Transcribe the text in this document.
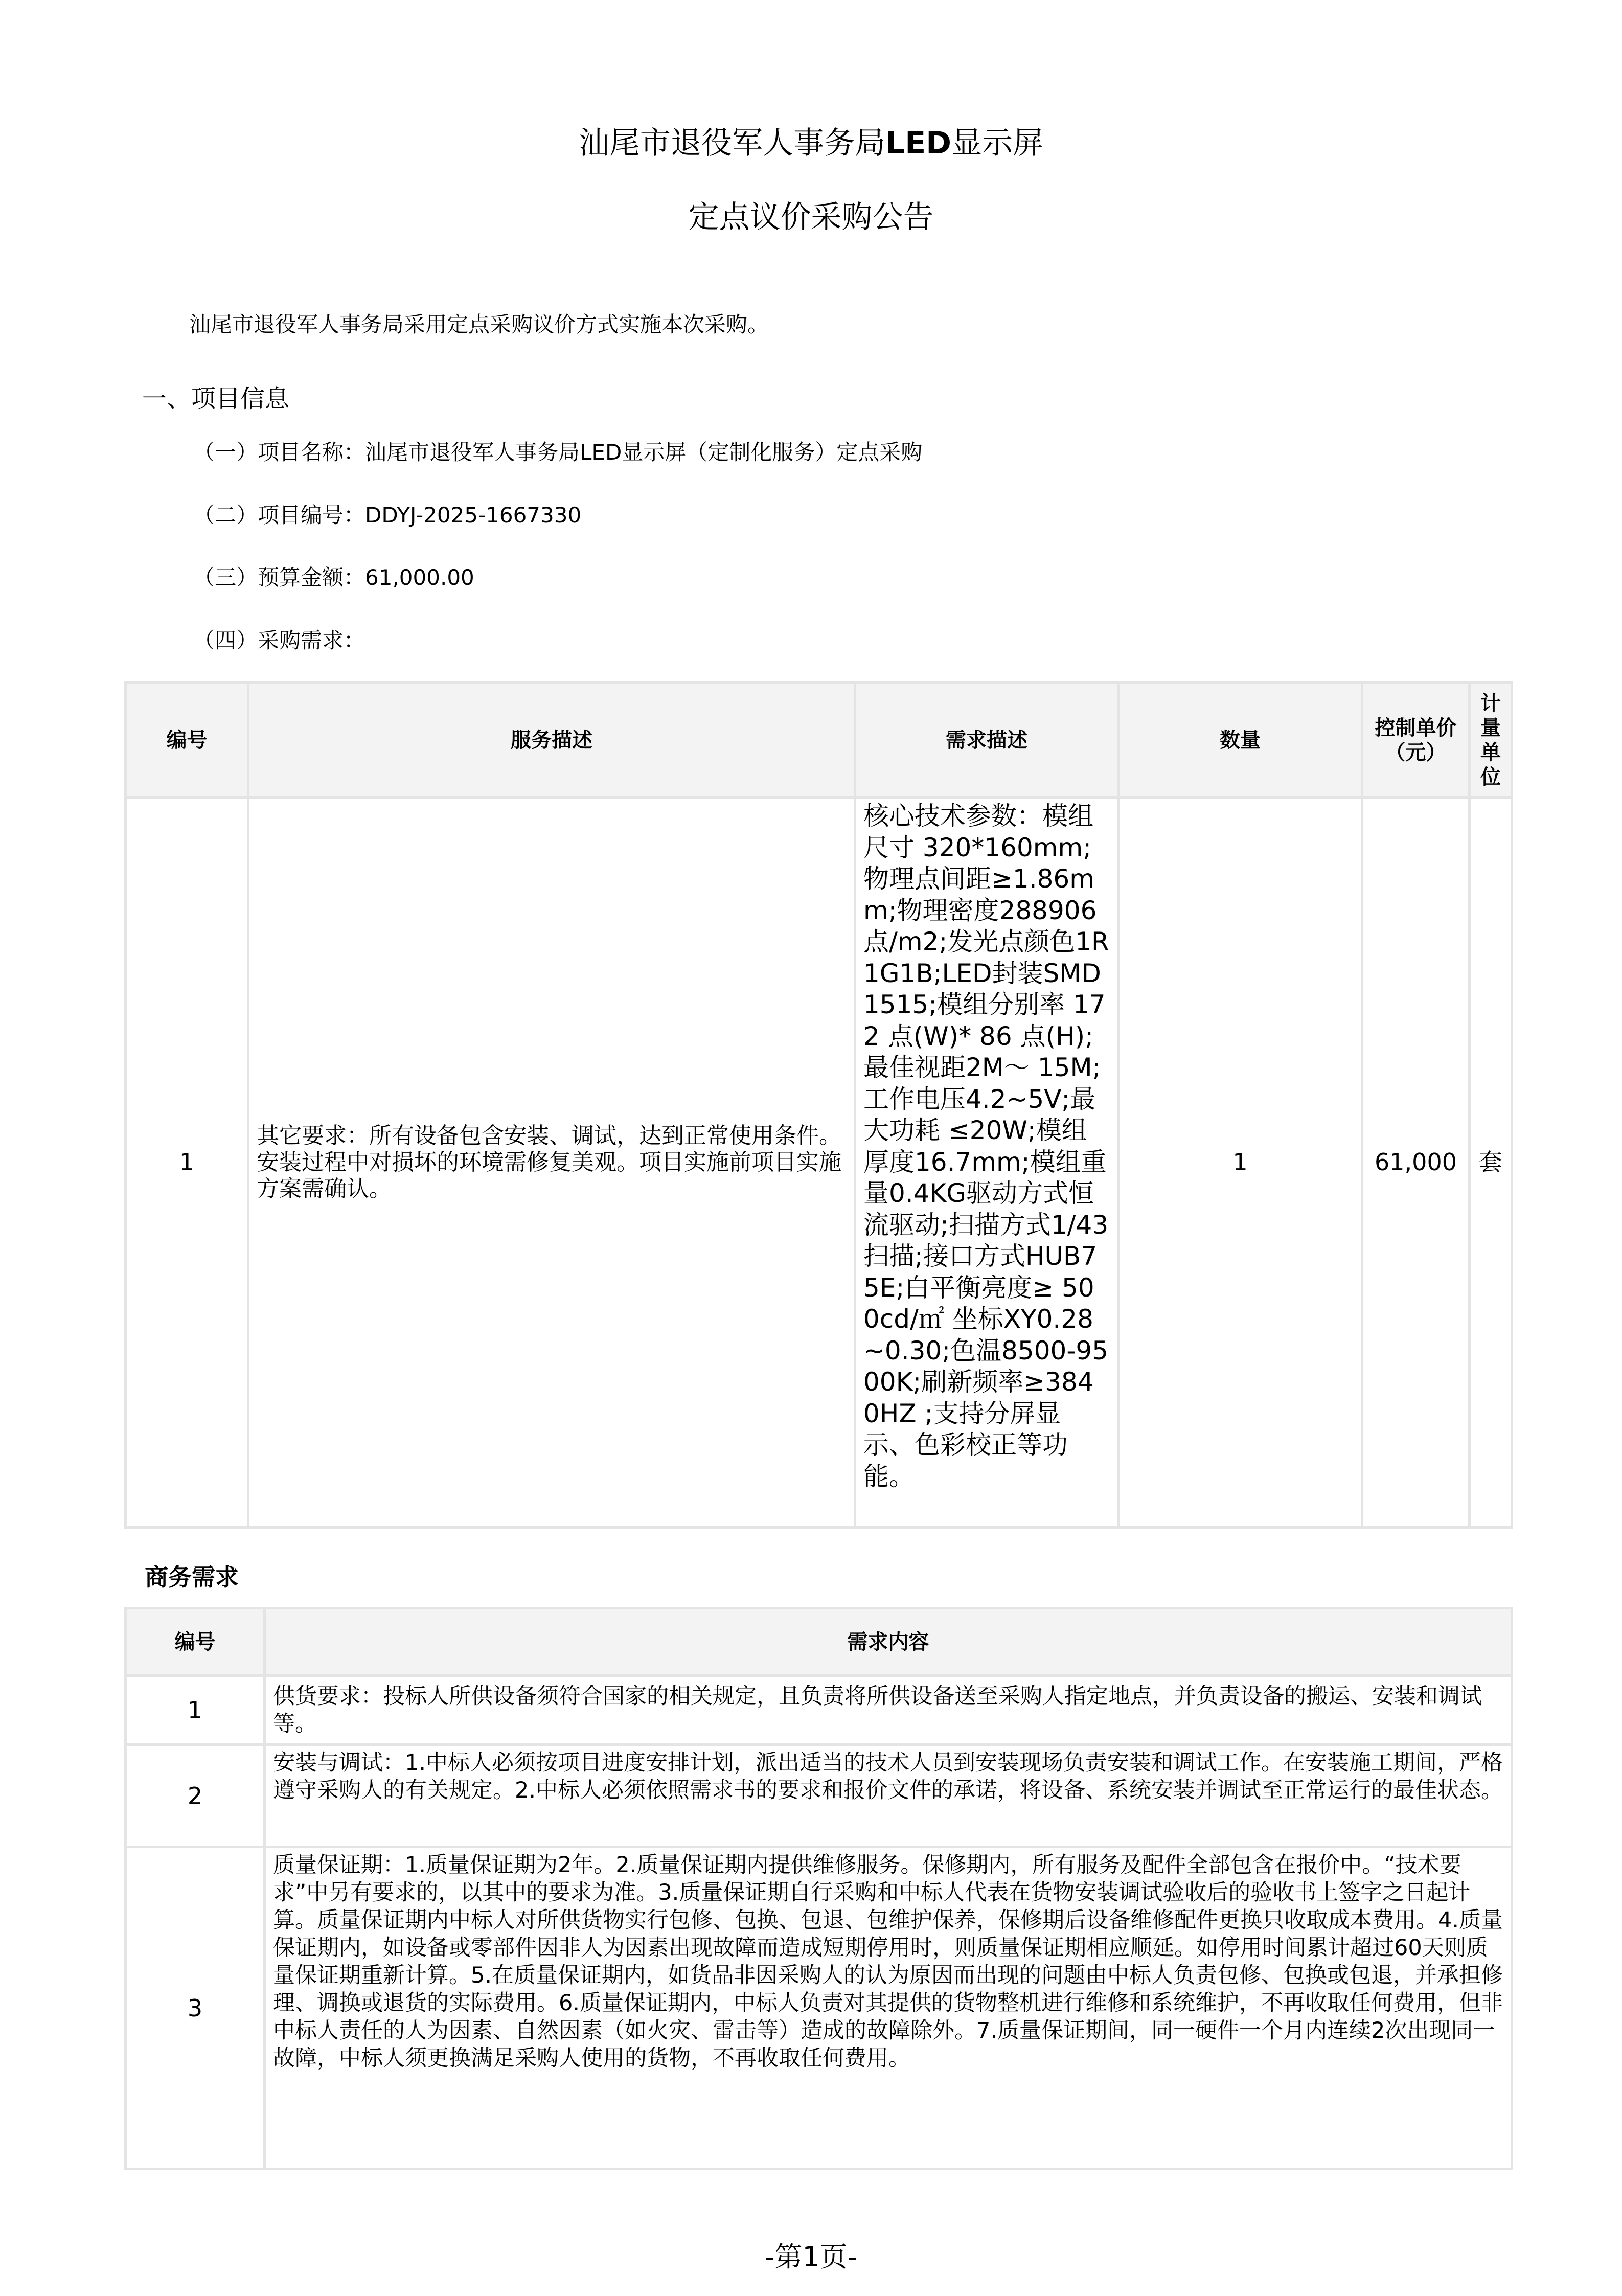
汕尾市退役军人事务局LED显示屏
定点议价采购公告
汕尾市退役军人事务局采用定点采购议价方式实施本次采购。
一、项目信息
（一）项目名称：汕尾市退役军人事务局LED显示屏（定制化服务）定点采购
（二）项目编号：DDYJ-2025-1667330
（三）预算金额：61,000.00
（四）采购需求：
编号	服务描述	需求描述	数量	控制单价（元）	计量单位
1	其它要求：所有设备包含安装、调试，达到正常使用条件。安装过程中对损坏的环境需修复美观。项目实施前项目实施方案需确认。	核心技术参数：模组尺寸 320*160mm;物理点间距≥1.86mm;物理密度288906 点/m2;发光点颜色1R1G1B;LED封装SMD1515;模组分别率 172 点(W)* 86 点(H);最佳视距2M～ 15M;工作电压4.2~5V;最大功耗 ≤20W;模组厚度16.7mm;模组重量0.4KG驱动方式恒流驱动;扫描方式1/43扫描;接口方式HUB75E;白平衡亮度≥ 500cd/㎡ 坐标XY0.28 ~0.30;色温8500-9500K;刷新频率≥3840HZ ;支持分屏显示、色彩校正等功能。	1	61,000	套
商务需求
编号	需求内容
1	供货要求：投标人所供设备须符合国家的相关规定，且负责将所供设备送至采购人指定地点，并负责设备的搬运、安装和调试等。
2	安装与调试：1.中标人必须按项目进度安排计划，派出适当的技术人员到安装现场负责安装和调试工作。在安装施工期间，严格遵守采购人的有关规定。2.中标人必须依照需求书的要求和报价文件的承诺，将设备、系统安装并调试至正常运行的最佳状态。
3	质量保证期：1.质量保证期为2年。2.质量保证期内提供维修服务。保修期内，所有服务及配件全部包含在报价中。“技术要求”中另有要求的，以其中的要求为准。3.质量保证期自行采购和中标人代表在货物安装调试验收后的验收书上签字之日起计算。质量保证期内中标人对所供货物实行包修、包换、包退、包维护保养，保修期后设备维修配件更换只收取成本费用。4.质量保证期内，如设备或零部件因非人为因素出现故障而造成短期停用时，则质量保证期相应顺延。如停用时间累计超过60天则质量保证期重新计算。5.在质量保证期内，如货品非因采购人的认为原因而出现的问题由中标人负责包修、包换或包退，并承担修理、调换或退货的实际费用。6.质量保证期内，中标人负责对其提供的货物整机进行维修和系统维护，不再收取任何费用，但非中标人责任的人为因素、自然因素（如火灾、雷击等）造成的故障除外。7.质量保证期间，同一硬件一个月内连续2次出现同一故障，中标人须更换满足采购人使用的货物，不再收取任何费用。
-第1页-
